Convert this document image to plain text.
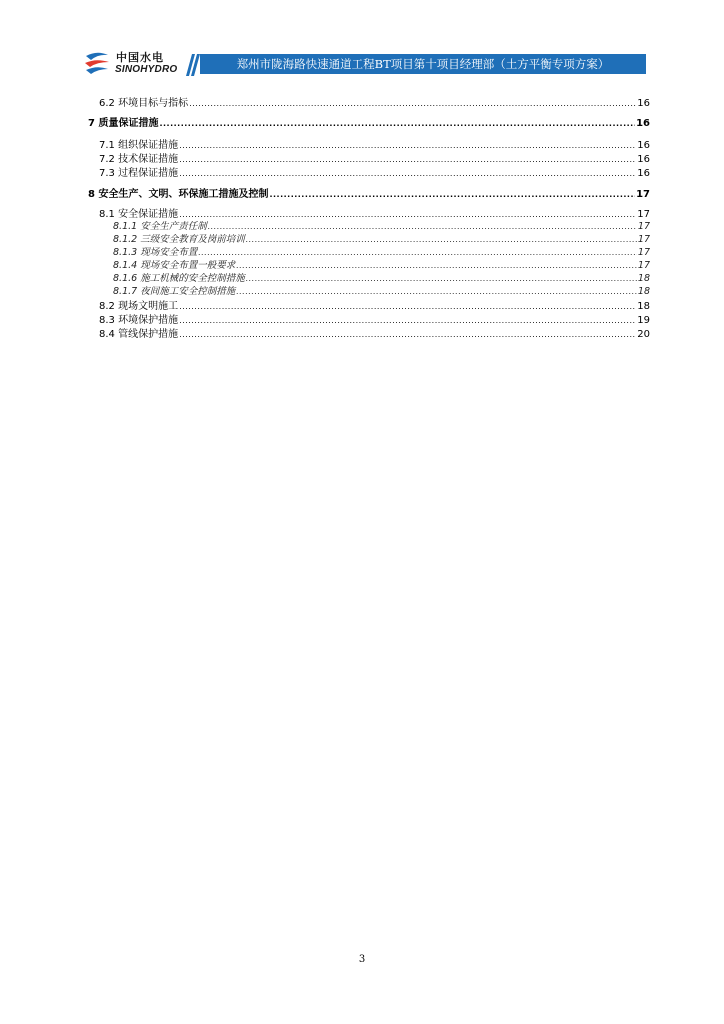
中国水电
SINOHYDRO	郑州市陇海路快速通道工程BT项目第十项目经理部（土方平衡专项方案）
6.2 环境目标与指标 .....	16
7 质量保证措施 .....	16
7.1 组织保证措施 .....	16
7.2 技术保证措施 .....	16
7.3 过程保证措施 .....	16
8 安全生产、文明、环保施工措施及控制 .....	17
8.1 安全保证措施 .....	17
8.1.1 安全生产责任制 .....	17
8.1.2 三级安全教育及岗前培训 .....	17
8.1.3 现场安全布置 .....	17
8.1.4 现场安全布置一般要求 .....	17
8.1.6 施工机械的安全控制措施 .....	18
8.1.7 夜间施工安全控制措施 .....	18
8.2 现场文明施工 .....	18
8.3 环境保护措施 .....	19
8.4 管线保护措施 .....	20
3
